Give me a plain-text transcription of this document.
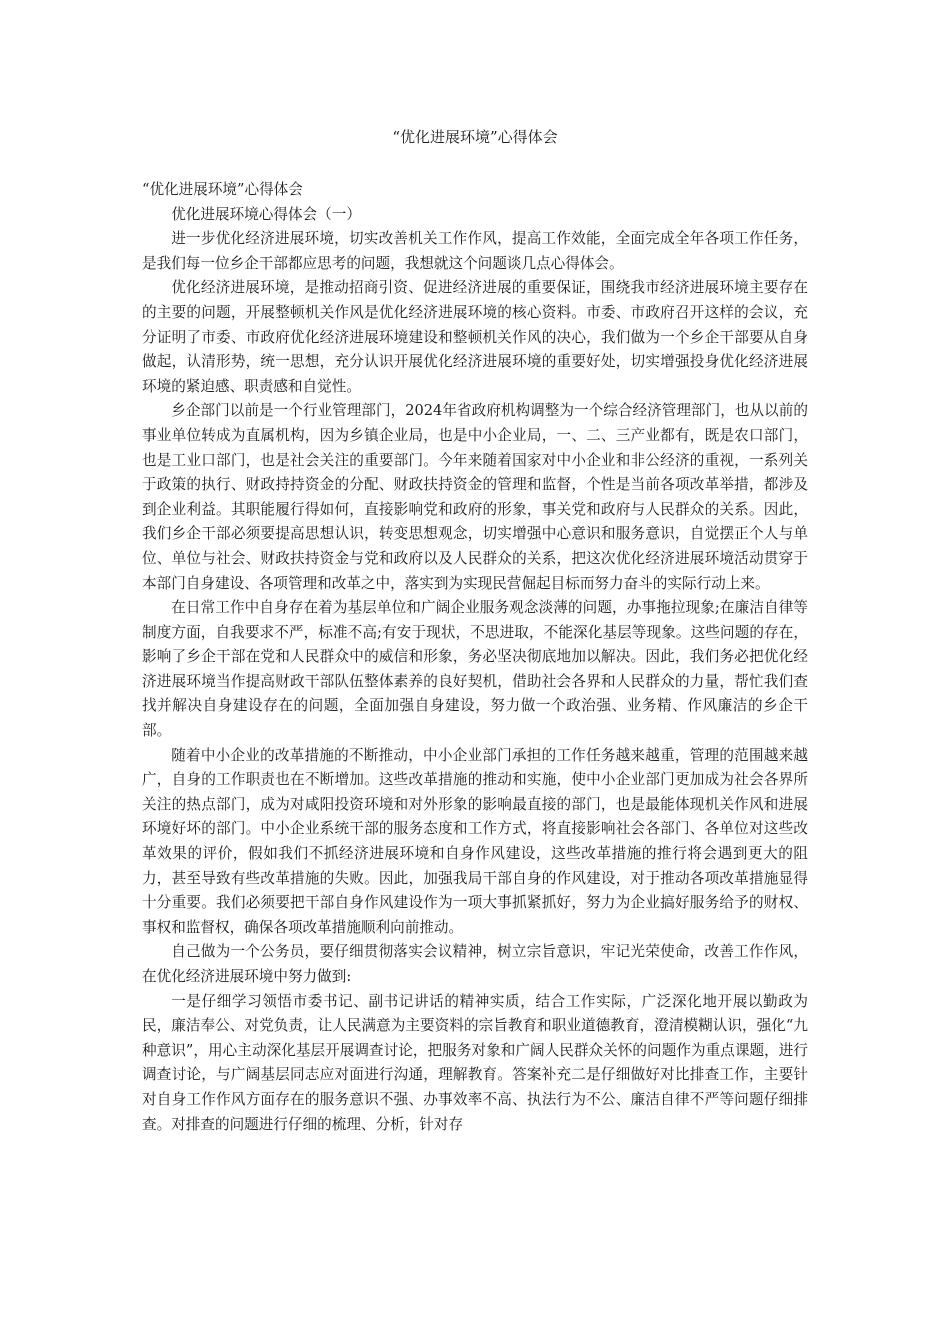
“优化进展环境”心得体会

“优化进展环境”心得体会

优化进展环境心得体会（一）

进一步优化经济进展环境，切实改善机关工作作风，提高工作效能，全面完成全年各项工作任务，是我们每一位乡企干部都应思考的问题，我想就这个问题谈几点心得体会。

优化经济进展环境，是推动招商引资、促进经济进展的重要保证，围绕我市经济进展环境主要存在的主要的问题，开展整顿机关作风是优化经济进展环境的核心资料。市委、市政府召开这样的会议，充分证明了市委、市政府优化经济进展环境建设和整顿机关作风的决心，我们做为一个乡企干部要从自身做起，认清形势，统一思想，充分认识开展优化经济进展环境的重要好处，切实增强投身优化经济进展环境的紧迫感、职责感和自觉性。

乡企部门以前是一个行业管理部门，2024年省政府机构调整为一个综合经济管理部门，也从以前的事业单位转成为直属机构，因为乡镇企业局，也是中小企业局，一、二、三产业都有，既是农口部门，也是工业口部门，也是社会关注的重要部门。今年来随着国家对中小企业和非公经济的重视，一系列关于政策的执行、财政持持资金的分配、财政扶持资金的管理和监督，个性是当前各项改革举措，都涉及到企业利益。其职能履行得如何，直接影响党和政府的形象，事关党和政府与人民群众的关系。因此，我们乡企干部必须要提高思想认识，转变思想观念，切实增强中心意识和服务意识，自觉摆正个人与单位、单位与社会、财政扶持资金与党和政府以及人民群众的关系，把这次优化经济进展环境活动贯穿于本部门自身建设、各项管理和改革之中，落实到为实现民营倔起目标而努力奋斗的实际行动上来。

在日常工作中自身存在着为基层单位和广阔企业服务观念淡薄的问题，办事拖拉现象;在廉洁自律等制度方面，自我要求不严，标准不高;有安于现状，不思进取，不能深化基层等现象。这些问题的存在，影响了乡企干部在党和人民群众中的威信和形象，务必坚决彻底地加以解决。因此，我们务必把优化经济进展环境当作提高财政干部队伍整体素养的良好契机，借助社会各界和人民群众的力量，帮忙我们查找并解决自身建设存在的问题，全面加强自身建设，努力做一个政治强、业务精、作风廉洁的乡企干部。

随着中小企业的改革措施的不断推动，中小企业部门承担的工作任务越来越重，管理的范围越来越广，自身的工作职责也在不断增加。这些改革措施的推动和实施，使中小企业部门更加成为社会各界所关注的热点部门，成为对咸阳投资环境和对外形象的影响最直接的部门，也是最能体现机关作风和进展环境好坏的部门。中小企业系统干部的服务态度和工作方式，将直接影响社会各部门、各单位对这些改革效果的评价，假如我们不抓经济进展环境和自身作风建设，这些改革措施的推行将会遇到更大的阻力，甚至导致有些改革措施的失败。因此，加强我局干部自身的作风建设，对于推动各项改革措施显得十分重要。我们必须要把干部自身作风建设作为一项大事抓紧抓好，努力为企业搞好服务给予的财权、事权和监督权，确保各项改革措施顺利向前推动。

自己做为一个公务员，要仔细贯彻落实会议精神，树立宗旨意识，牢记光荣使命，改善工作作风，在优化经济进展环境中努力做到:

一是仔细学习领悟市委书记、副书记讲话的精神实质，结合工作实际，广泛深化地开展以勤政为民，廉洁奉公、对党负责，让人民满意为主要资料的宗旨教育和职业道德教育，澄清模糊认识，强化“九种意识”，用心主动深化基层开展调查讨论，把服务对象和广阔人民群众关怀的问题作为重点课题，进行调查讨论，与广阔基层同志应对面进行沟通，理解教育。答案补充二是仔细做好对比排查工作，主要针对自身工作作风方面存在的服务意识不强、办事效率不高、执法行为不公、廉洁自律不严等问题仔细排查。对排查的问题进行仔细的梳理、分析，针对存
